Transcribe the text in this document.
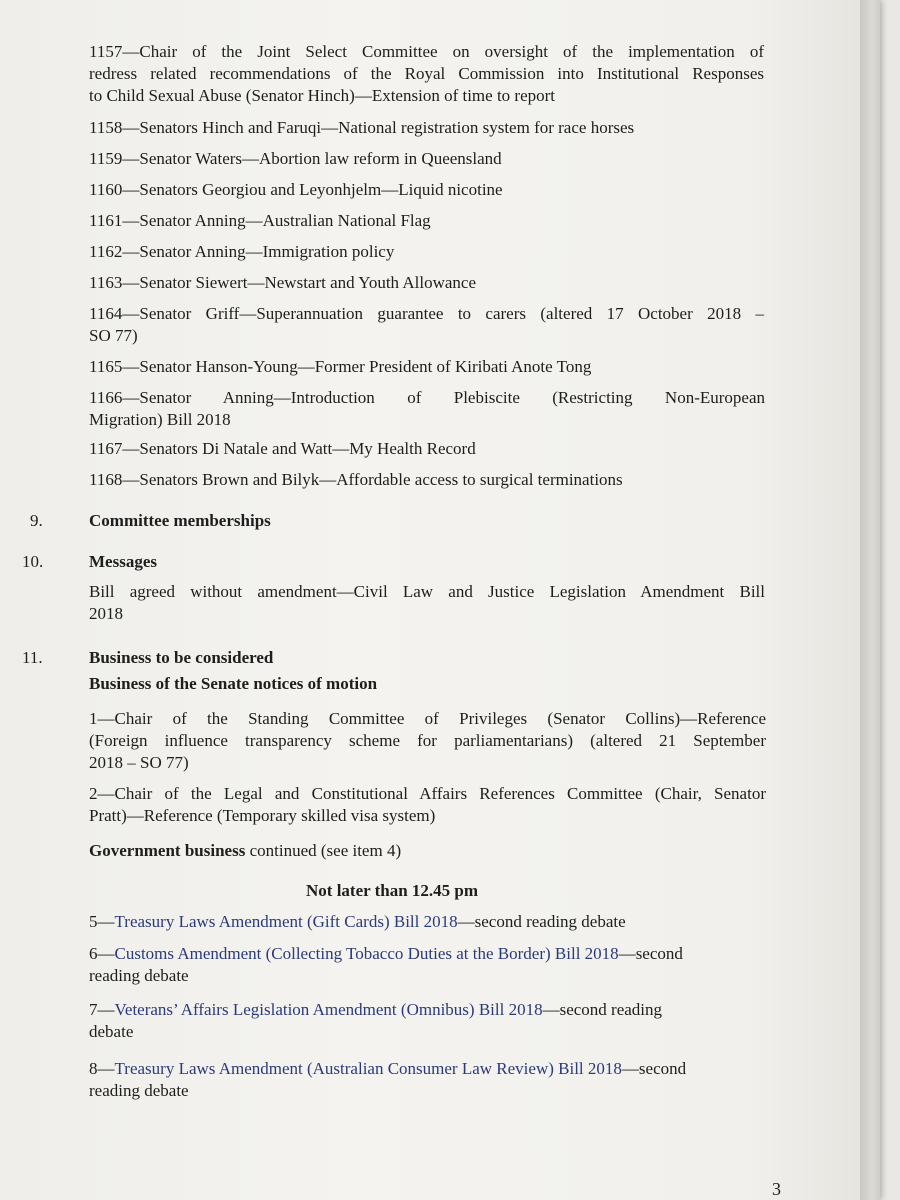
1157—Chair of the Joint Select Committee on oversight of the implementation of
redress related recommendations of the Royal Commission into Institutional Responses
to Child Sexual Abuse (Senator Hinch)—Extension of time to report
1158—Senators Hinch and Faruqi—National registration system for race horses
1159—Senator Waters—Abortion law reform in Queensland
1160—Senators Georgiou and Leyonhjelm—Liquid nicotine
1161—Senator Anning—Australian National Flag
1162—Senator Anning—Immigration policy
1163—Senator Siewert—Newstart and Youth Allowance
1164—Senator Griff—Superannuation guarantee to carers (altered 17 October 2018 –
SO 77)
1165—Senator Hanson-Young—Former President of Kiribati Anote Tong
1166—Senator Anning—Introduction of Plebiscite (Restricting Non-European
Migration) Bill 2018
1167—Senators Di Natale and Watt—My Health Record
1168—Senators Brown and Bilyk—Affordable access to surgical terminations
9.	Committee memberships
10.	Messages
Bill agreed without amendment—Civil Law and Justice Legislation Amendment Bill
2018
11.	Business to be considered
Business of the Senate notices of motion
1—Chair of the Standing Committee of Privileges (Senator Collins)—Reference
(Foreign influence transparency scheme for parliamentarians) (altered 21 September
2018 – SO 77)
2—Chair of the Legal and Constitutional Affairs References Committee (Chair, Senator
Pratt)—Reference (Temporary skilled visa system)
Government business continued (see item 4)
Not later than 12.45 pm
5—Treasury Laws Amendment (Gift Cards) Bill 2018—second reading debate
6—Customs Amendment (Collecting Tobacco Duties at the Border) Bill 2018—second
reading debate
7—Veterans’ Affairs Legislation Amendment (Omnibus) Bill 2018—second reading
debate
8—Treasury Laws Amendment (Australian Consumer Law Review) Bill 2018—second
reading debate
3
